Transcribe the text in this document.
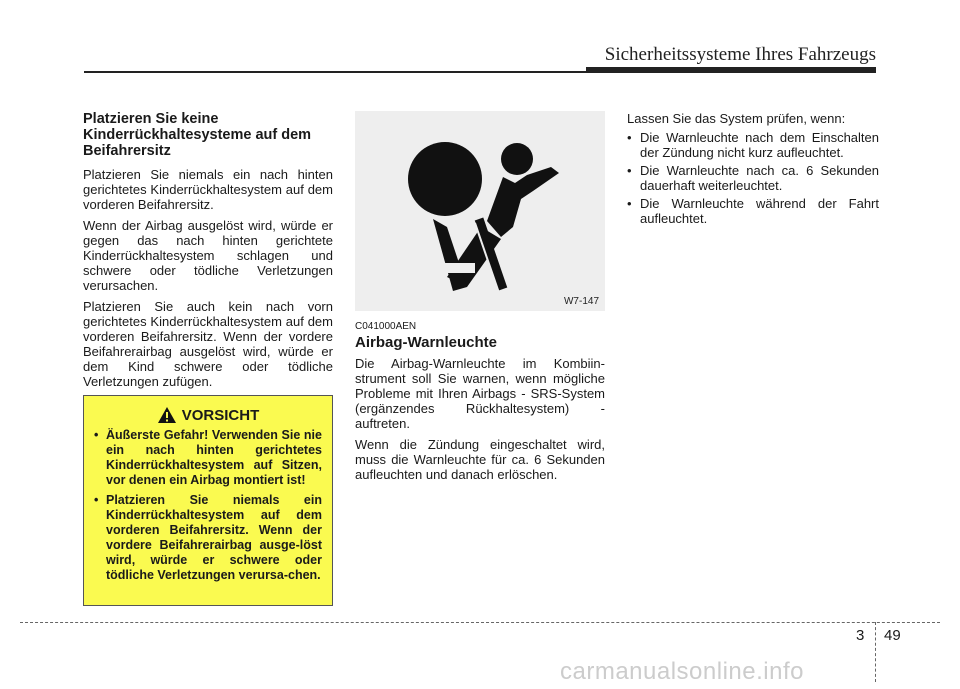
Sicherheitssysteme Ihres Fahrzeugs
Platzieren Sie keine Kinderrückhaltesysteme auf dem Beifahrersitz

Platzieren Sie niemals ein nach hinten gerichtetes Kinderrückhaltesystem auf dem vorderen Beifahrersitz.

Wenn der Airbag ausgelöst wird, würde er gegen das nach hinten gerichtete Kinderrückhaltesystem schlagen und schwere oder tödliche Verletzungen verursachen.

Platzieren Sie auch kein nach vorn gerichtetes Kinderrückhaltesystem auf dem vorderen Beifahrersitz. Wenn der vordere Beifahrerairbag ausgelöst wird, würde er dem Kind schwere oder tödliche Verletzungen zufügen.

VORSICHT
• Äußerste Gefahr! Verwenden Sie nie ein nach hinten gerichtetes Kinderrückhaltesystem auf Sitzen, vor denen ein Airbag montiert ist!
• Platzieren Sie niemals ein Kinderrückhaltesystem auf dem vorderen Beifahrersitz. Wenn der vordere Beifahrerairbag ausge-löst wird, würde er schwere oder tödliche Verletzungen verursa-chen.
W7-147
C041000AEN
Airbag-Warnleuchte

Die Airbag-Warnleuchte im Kombiin-strument soll Sie warnen, wenn mögliche Probleme mit Ihren Airbags - SRS-System (ergänzendes Rückhaltesystem) - auftreten.

Wenn die Zündung eingeschaltet wird, muss die Warnleuchte für ca. 6 Sekunden aufleuchten und danach erlöschen.

Lassen Sie das System prüfen, wenn:

• Die Warnleuchte nach dem Einschalten der Zündung nicht kurz aufleuchtet.
• Die Warnleuchte nach ca. 6 Sekunden dauerhaft weiterleuchtet.
• Die Warnleuchte während der Fahrt aufleuchtet.
3 49
carmanualsonline.info
